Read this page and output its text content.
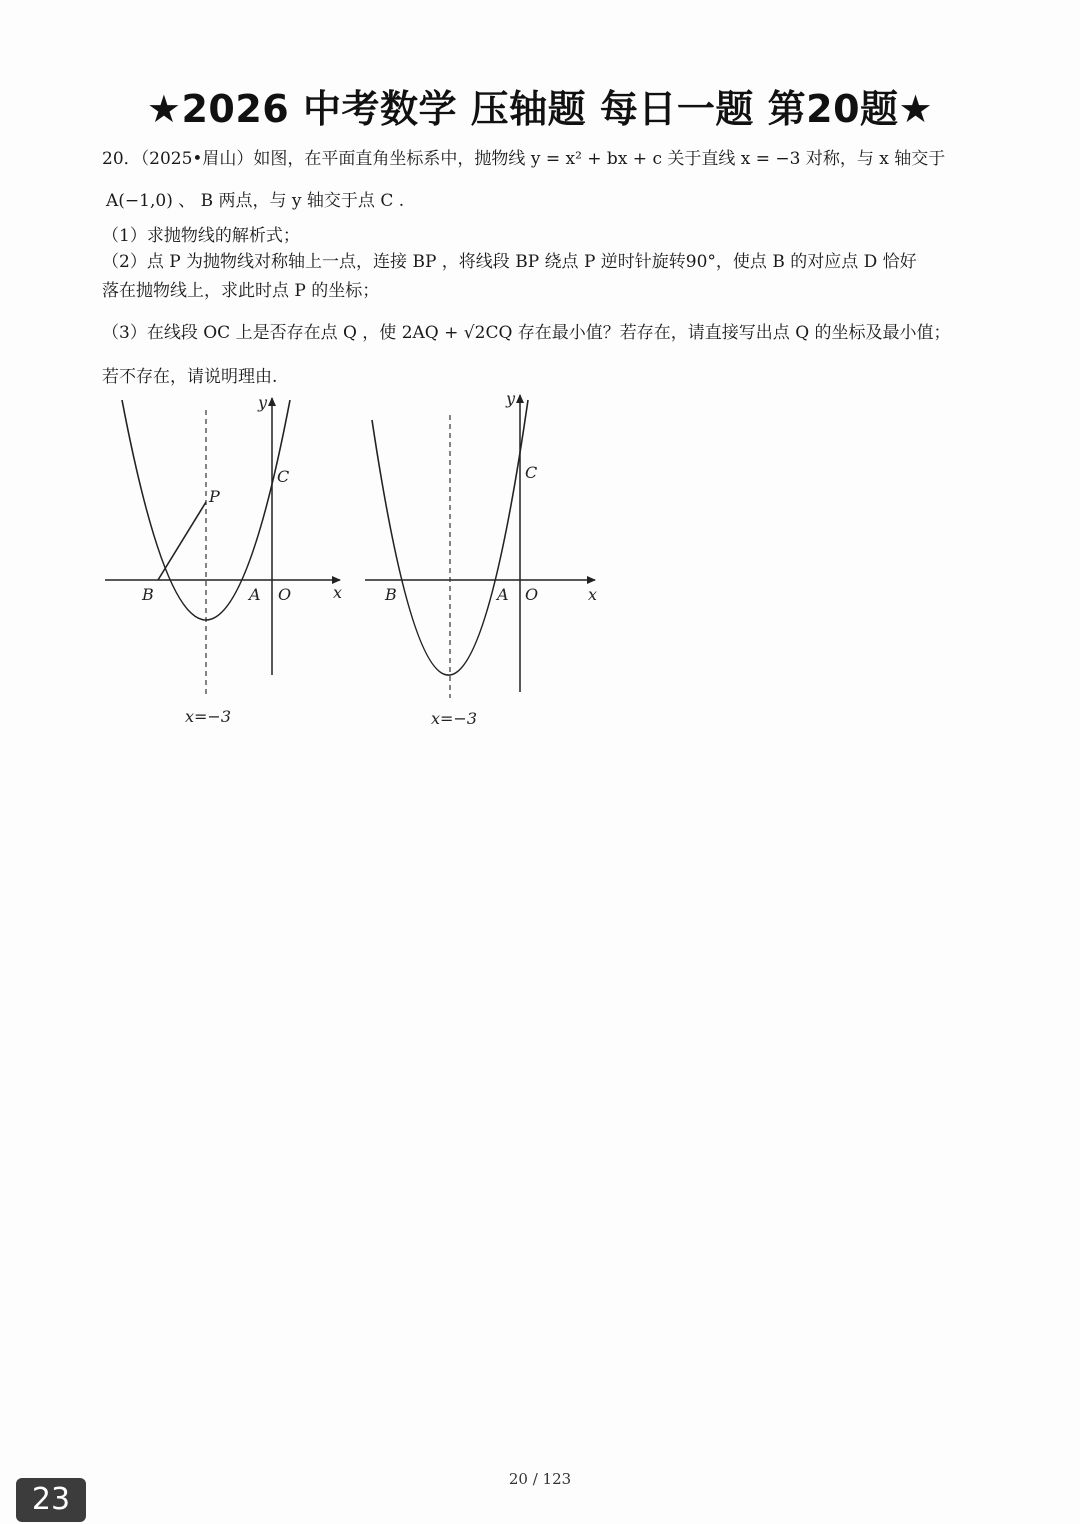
★2026 中考数学 压轴题 每日一题 第20题★
20．（2025•眉山）如图，在平面直角坐标系中，抛物线 y = x² + bx + c 关于直线 x = −3 对称，与 x 轴交于
A(−1,0) 、 B 两点，与 y 轴交于点 C .
（1）求抛物线的解析式；
（2）点 P 为抛物线对称轴上一点，连接 BP ，将线段 BP 绕点 P 逆时针旋转90°，使点 B 的对应点 D 恰好
落在抛物线上，求此时点 P 的坐标；
（3）在线段 OC 上是否存在点 Q ，使 2AQ + √2CQ 存在最小值？若存在，请直接写出点 Q 的坐标及最小值；
若不存在，请说明理由.
y
x
C
P
B	A O
x=−3
y
x
C
B	A O
x=−3
20 / 123
23
